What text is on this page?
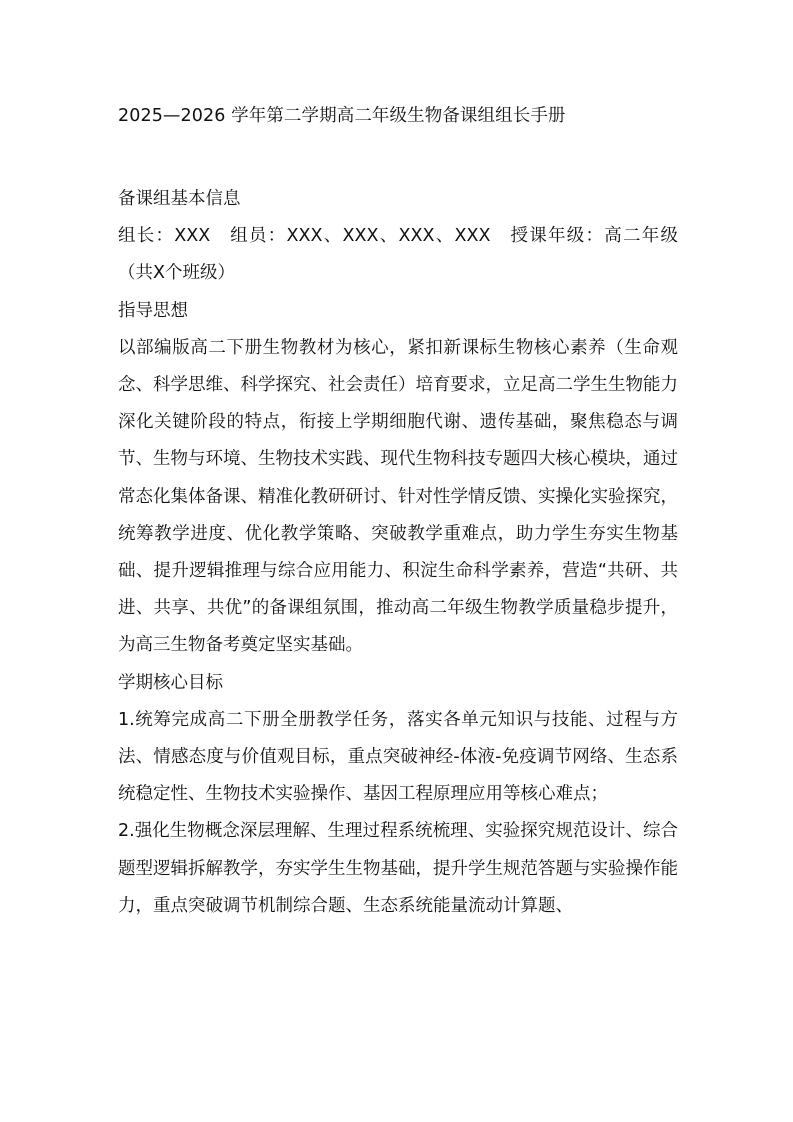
2025—2026 学年第二学期高二年级生物备课组组长手册

备课组基本信息

组长：XXX　组员：XXX、XXX、XXX、XXX　授课年级：高二年级（共X个班级）

指导思想

以部编版高二下册生物教材为核心，紧扣新课标生物核心素养（生命观念、科学思维、科学探究、社会责任）培育要求，立足高二学生生物能力深化关键阶段的特点，衔接上学期细胞代谢、遗传基础，聚焦稳态与调节、生物与环境、生物技术实践、现代生物科技专题四大核心模块，通过常态化集体备课、精准化教研研讨、针对性学情反馈、实操化实验探究，统筹教学进度、优化教学策略、突破教学重难点，助力学生夯实生物基础、提升逻辑推理与综合应用能力、积淀生命科学素养，营造“共研、共进、共享、共优”的备课组氛围，推动高二年级生物教学质量稳步提升，为高三生物备考奠定坚实基础。

学期核心目标

1.统筹完成高二下册全册教学任务，落实各单元知识与技能、过程与方法、情感态度与价值观目标，重点突破神经-体液-免疫调节网络、生态系统稳定性、生物技术实验操作、基因工程原理应用等核心难点；

2.强化生物概念深层理解、生理过程系统梳理、实验探究规范设计、综合题型逻辑拆解教学，夯实学生生物基础，提升学生规范答题与实验操作能力，重点突破调节机制综合题、生态系统能量流动计算题、
